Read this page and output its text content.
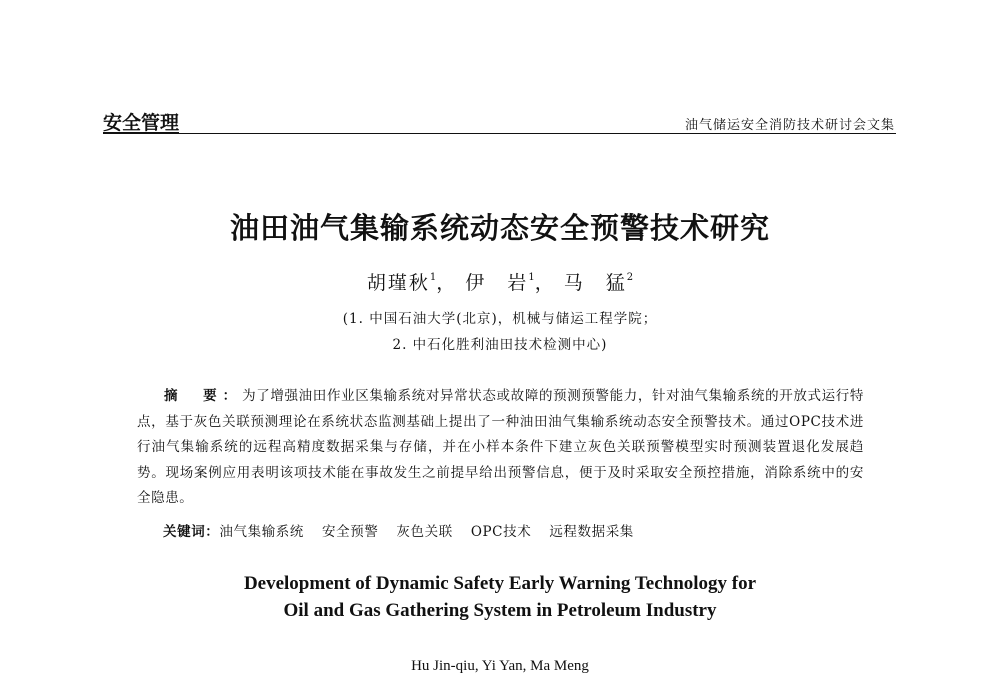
安全管理	油气储运安全消防技术研讨会文集
油田油气集输系统动态安全预警技术研究
胡瑾秋$^1$， 伊　岩$^1$， 马　猛$^2$
(1. 中国石油大学(北京)，机械与储运工程学院；
2. 中石化胜利油田技术检测中心)
摘　要：为了增强油田作业区集输系统对异常状态或故障的预测预警能力，针对油气集输系统的开放式运行特点，基于灰色关联预测理论在系统状态监测基础上提出了一种油田油气集输系统动态安全预警技术。通过OPC技术进行油气集输系统的远程高精度数据采集与存储，并在小样本条件下建立灰色关联预警模型实时预测装置退化发展趋势。现场案例应用表明该项技术能在事故发生之前提早给出预警信息，便于及时采取安全预控措施，消除系统中的安全隐患。
关键词：油气集输系统 安全预警 灰色关联 OPC技术 远程数据采集
Development of Dynamic Safety Early Warning Technology for
Oil and Gas Gathering System in Petroleum Industry
Hu Jin-qiu, Yi Yan, Ma Meng
